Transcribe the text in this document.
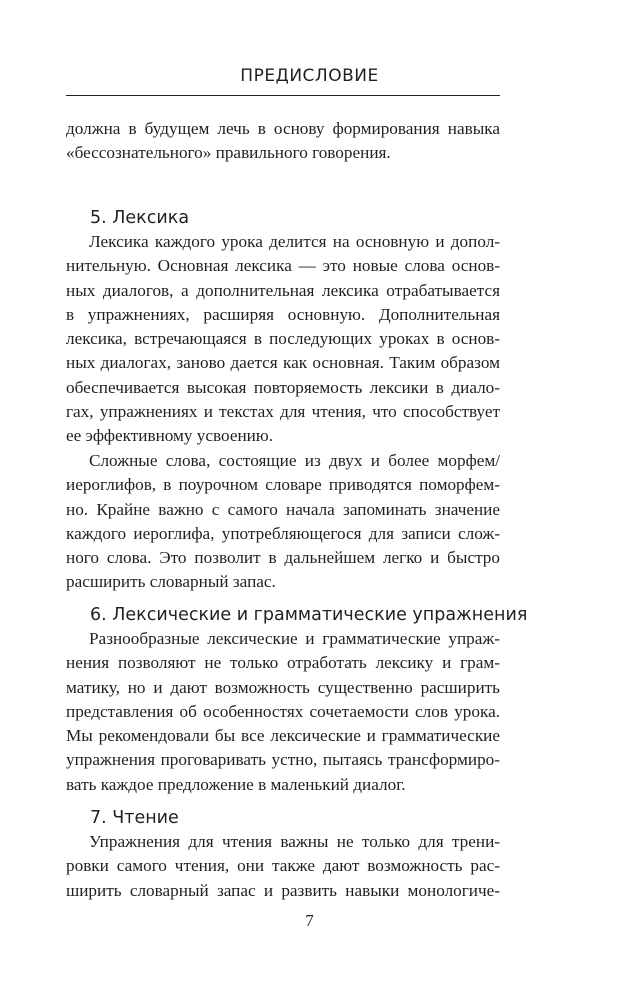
ПРЕДИСЛОВИЕ
должна в будущем лечь в основу формирования навыка
«бессознательного» правильного говорения.
5. Лексика
Лексика каждого урока делится на основную и допол-
нительную. Основная лексика — это новые слова основ-
ных диалогов, а дополнительная лексика отрабатывается
в упражнениях, расширяя основную. Дополнительная
лексика, встречающаяся в последующих уроках в основ-
ных диалогах, заново дается как основная. Таким образом
обеспечивается высокая повторяемость лексики в диало-
гах, упражнениях и текстах для чтения, что способствует
ее эффективному усвоению.
Сложные слова, состоящие из двух и более морфем/
иероглифов, в поурочном словаре приводятся поморфем-
но. Крайне важно с самого начала запоминать значение
каждого иероглифа, употребляющегося для записи слож-
ного слова. Это позволит в дальнейшем легко и быстро
расширить словарный запас.
6. Лексические и грамматические упражнения
Разнообразные лексические и грамматические упраж-
нения позволяют не только отработать лексику и грам-
матику, но и дают возможность существенно расширить
представления об особенностях сочетаемости слов урока.
Мы рекомендовали бы все лексические и грамматические
упражнения проговаривать устно, пытаясь трансформиро-
вать каждое предложение в маленький диалог.
7. Чтение
Упражнения для чтения важны не только для трени-
ровки самого чтения, они также дают возможность рас-
ширить словарный запас и развить навыки монологиче-
7
